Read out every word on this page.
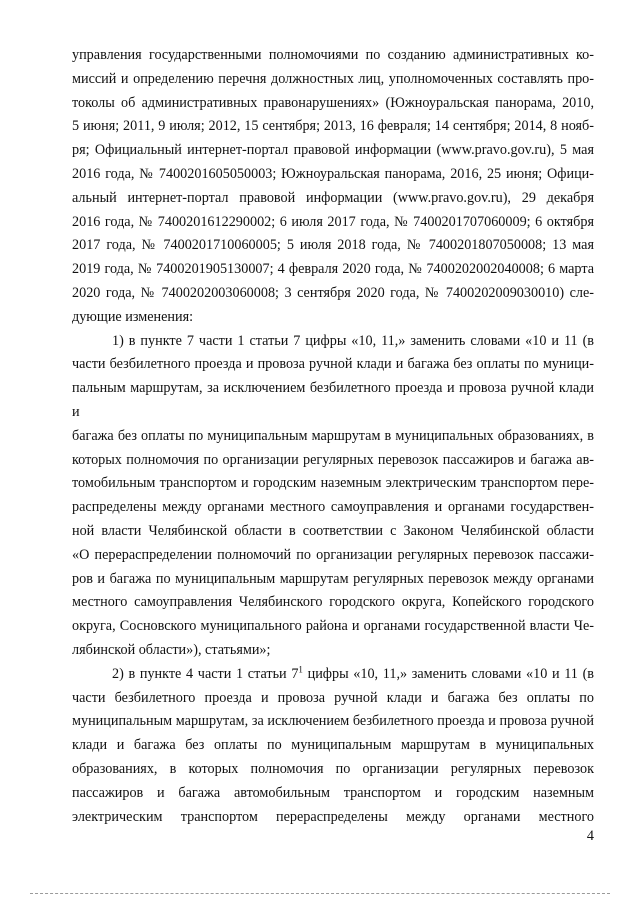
управления государственными полномочиями по созданию административных ко-
миссий и определению перечня должностных лиц, уполномоченных составлять про-
токолы об административных правонарушениях» (Южноуральская панорама, 2010,
5 июня; 2011, 9 июля; 2012, 15 сентября; 2013, 16 февраля; 14 сентября; 2014, 8 нояб-
ря; Официальный интернет-портал правовой информации (www.pravo.gov.ru), 5 мая
2016 года, № 7400201605050003; Южноуральская панорама, 2016, 25 июня; Офици-
альный интернет-портал правовой информации (www.pravo.gov.ru), 29 декабря
2016 года, № 7400201612290002; 6 июля 2017 года, № 7400201707060009; 6 октября
2017 года, № 7400201710060005; 5 июля 2018 года, № 7400201807050008; 13 мая
2019 года, № 7400201905130007; 4 февраля 2020 года, № 7400202002040008; 6 марта
2020 года, № 7400202003060008; 3 сентября 2020 года, № 7400202009030010) сле-
дующие изменения:

1) в пункте 7 части 1 статьи 7 цифры «10, 11,» заменить словами «10 и 11 (в
части безбилетного проезда и провоза ручной клади и багажа без оплаты по муници-
пальным маршрутам, за исключением безбилетного проезда и провоза ручной клади и
багажа без оплаты по муниципальным маршрутам в муниципальных образованиях, в
которых полномочия по организации регулярных перевозок пассажиров и багажа ав-
томобильным транспортом и городским наземным электрическим транспортом пере-
распределены между органами местного самоуправления и органами государствен-
ной власти Челябинской области в соответствии с Законом Челябинской области
«О перераспределении полномочий по организации регулярных перевозок пассажи-
ров и багажа по муниципальным маршрутам регулярных перевозок между органами
местного самоуправления Челябинского городского округа, Копейского городского
округа, Сосновского муниципального района и органами государственной власти Че-
лябинской области»), статьями»;

2) в пункте 4 части 1 статьи $7^1$ цифры «10, 11,» заменить словами «10 и 11 (в
части безбилетного проезда и провоза ручной клади и багажа без оплаты по
муниципальным маршрутам, за исключением безбилетного проезда и провоза ручной
клади и багажа без оплаты по муниципальным маршрутам в муниципальных
образованиях, в которых полномочия по организации регулярных перевозок
пассажиров и багажа автомобильным транспортом и городским наземным
электрическим транспортом перераспределены между органами местного

4
